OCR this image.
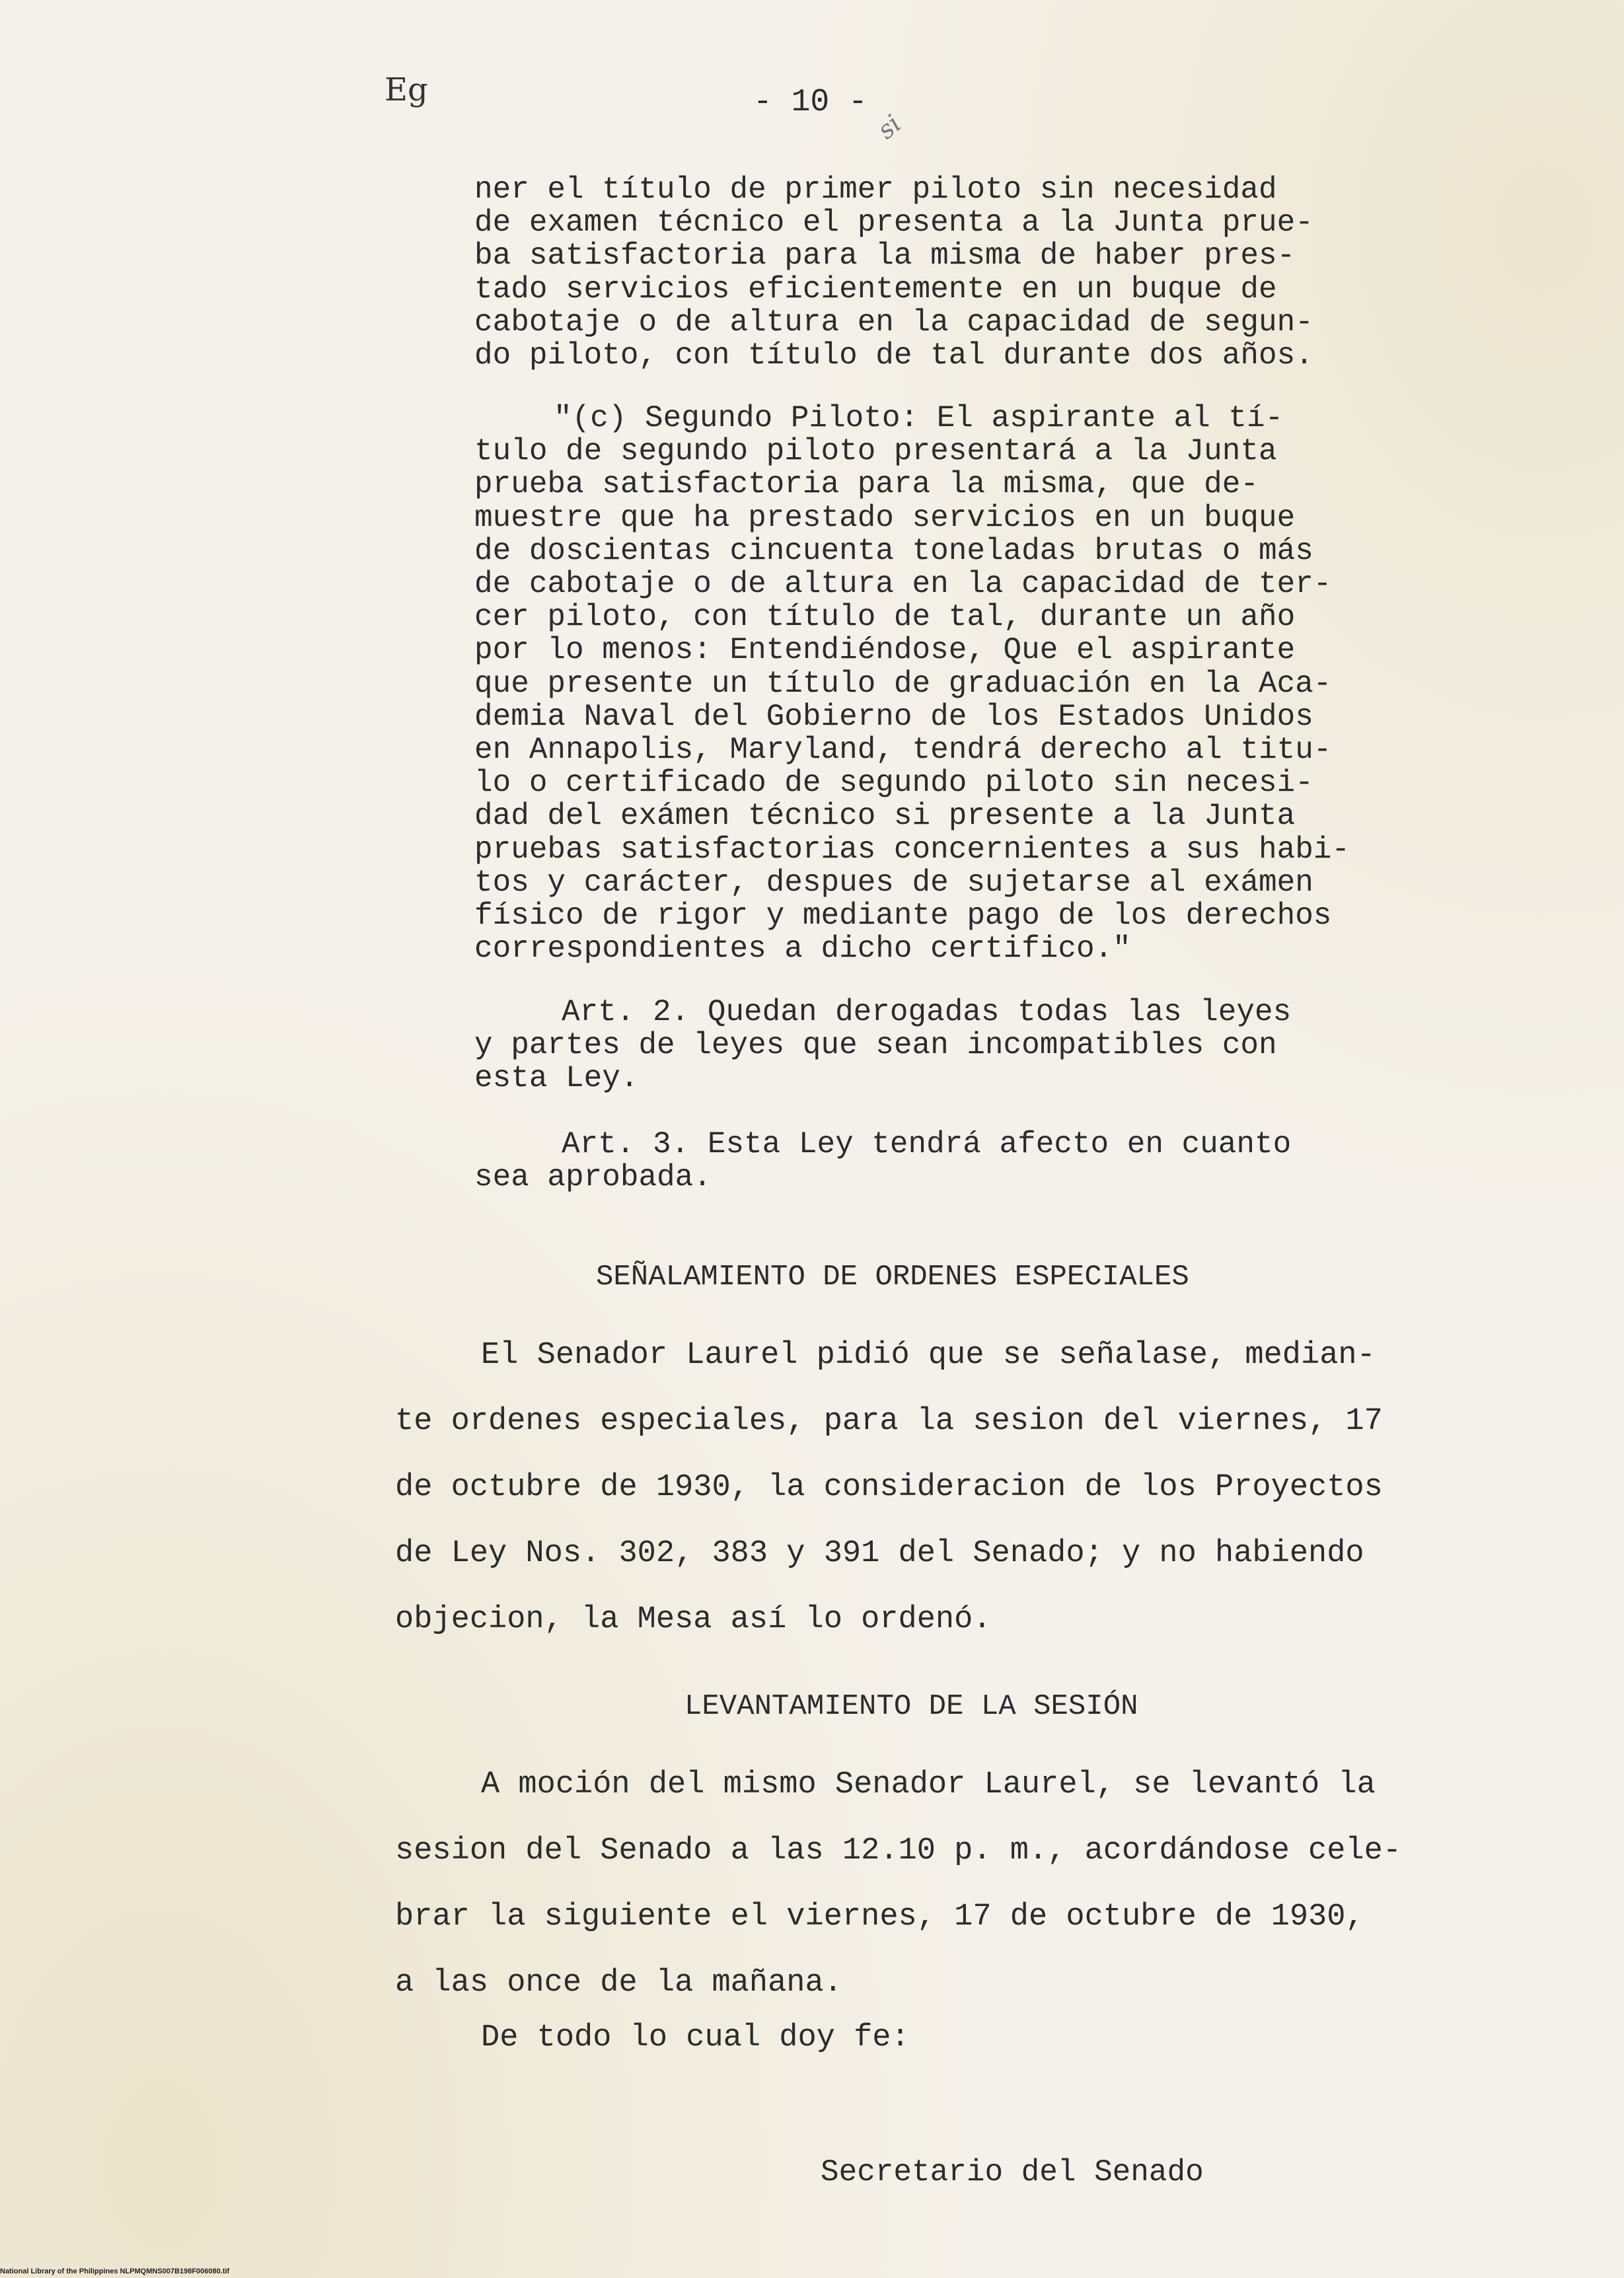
Eg	- 10 -
si
ner el título de primer piloto sin necesidad
de examen técnico el presenta a la Junta prue-
ba satisfactoria para la misma de haber pres-
tado servicios eficientemente en un buque de
cabotaje o de altura en la capacidad de segun-
do piloto, con título de tal durante dos años.
"(c) Segundo Piloto: El aspirante al tí-
tulo de segundo piloto presentará a la Junta
prueba satisfactoria para la misma, que de-
muestre que ha prestado servicios en un buque
de doscientas cincuenta toneladas brutas o más
de cabotaje o de altura en la capacidad de ter-
cer piloto, con título de tal, durante un año
por lo menos: Entendiéndose, Que el aspirante
que presente un título de graduación en la Aca-
demia Naval del Gobierno de los Estados Unidos
en Annapolis, Maryland, tendrá derecho al titu-
lo o certificado de segundo piloto sin necesi-
dad del exámen técnico si presente a la Junta
pruebas satisfactorias concernientes a sus habi-
tos y carácter, despues de sujetarse al exámen
físico de rigor y mediante pago de los derechos
correspondientes a dicho certifico."
Art. 2. Quedan derogadas todas las leyes
y partes de leyes que sean incompatibles con
esta Ley.
Art. 3. Esta Ley tendrá afecto en cuanto
sea aprobada.
SEÑALAMIENTO DE ORDENES ESPECIALES
El Senador Laurel pidió que se señalase, median-
te ordenes especiales, para la sesion del viernes, 17
de octubre de 1930, la consideracion de los Proyectos
de Ley Nos. 302, 383 y 391 del Senado; y no habiendo
objecion, la Mesa así lo ordenó.
LEVANTAMIENTO DE LA SESIÓN
A moción del mismo Senador Laurel, se levantó la
sesion del Senado a las 12.10 p. m., acordándose cele-
brar la siguiente el viernes, 17 de octubre de 1930,
a las once de la mañana.
De todo lo cual doy fe:
Secretario del Senado
National Library of the Philippines NLPMQMNS007B198F006080.tif
